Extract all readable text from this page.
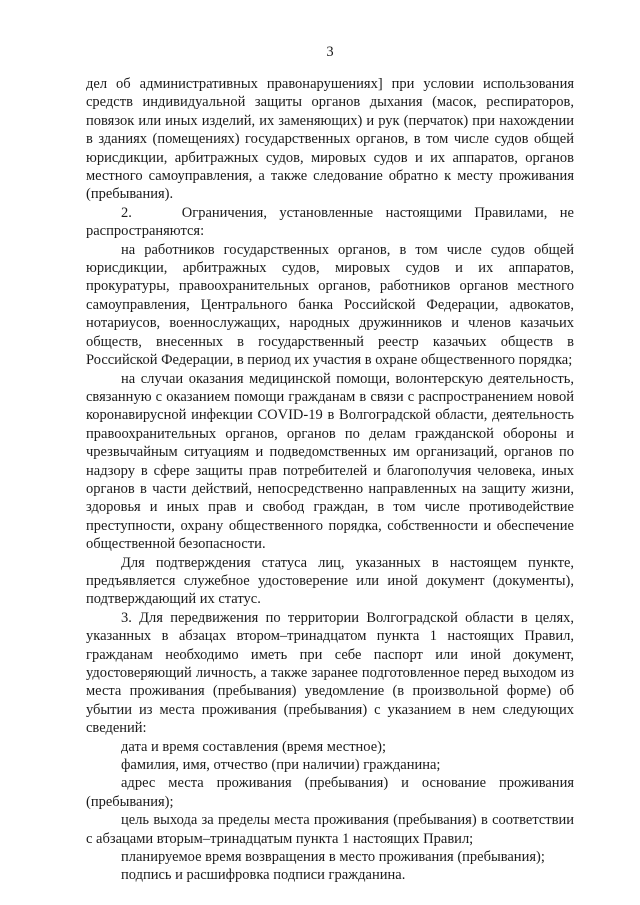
3

дел об административных правонарушениях] при условии использования средств индивидуальной защиты органов дыхания (масок, респираторов, повязок или иных изделий, их заменяющих) и рук (перчаток) при нахождении в зданиях (помещениях) государственных органов, в том числе судов общей юрисдикции, арбитражных судов, мировых судов и их аппаратов, органов местного самоуправления, а также следование обратно к месту проживания (пребывания).

2.    Ограничения, установленные настоящими Правилами, не распространяются:

на работников государственных органов, в том числе судов общей юрисдикции, арбитражных судов, мировых судов и их аппаратов, прокуратуры, правоохранительных органов, работников органов местного самоуправления, Центрального банка Российской Федерации, адвокатов, нотариусов, военнослужащих, народных дружинников и членов казачьих обществ, внесенных в государственный реестр казачьих обществ в Российской Федерации, в период их участия в охране общественного порядка;

на случаи оказания медицинской помощи, волонтерскую деятельность, связанную с оказанием помощи гражданам в связи с распространением новой коронавирусной инфекции COVID-19 в Волгоградской области, деятельность правоохранительных органов, органов по делам гражданской обороны и чрезвычайным ситуациям и подведомственных им организаций, органов по надзору в сфере защиты прав потребителей и благополучия человека, иных органов в части действий, непосредственно направленных на защиту жизни, здоровья и иных прав и свобод граждан, в том числе противодействие преступности, охрану общественного порядка, собственности и обеспечение общественной безопасности.

Для подтверждения статуса лиц, указанных в настоящем пункте, предъявляется служебное удостоверение или иной документ (документы), подтверждающий их статус.

3. Для передвижения по территории Волгоградской области в целях, указанных в абзацах втором–тринадцатом пункта 1 настоящих Правил, гражданам необходимо иметь при себе паспорт или иной документ, удостоверяющий личность, а также заранее подготовленное перед выходом из места проживания (пребывания) уведомление (в произвольной форме) об убытии из места проживания (пребывания) с указанием в нем следующих сведений:

дата и время составления (время местное);

фамилия, имя, отчество (при наличии) гражданина;

адрес места проживания (пребывания) и основание проживания (пребывания);

цель выхода за пределы места проживания (пребывания) в соответствии с абзацами вторым–тринадцатым пункта 1 настоящих Правил;

планируемое время возвращения в место проживания (пребывания);

подпись и расшифровка подписи гражданина.
